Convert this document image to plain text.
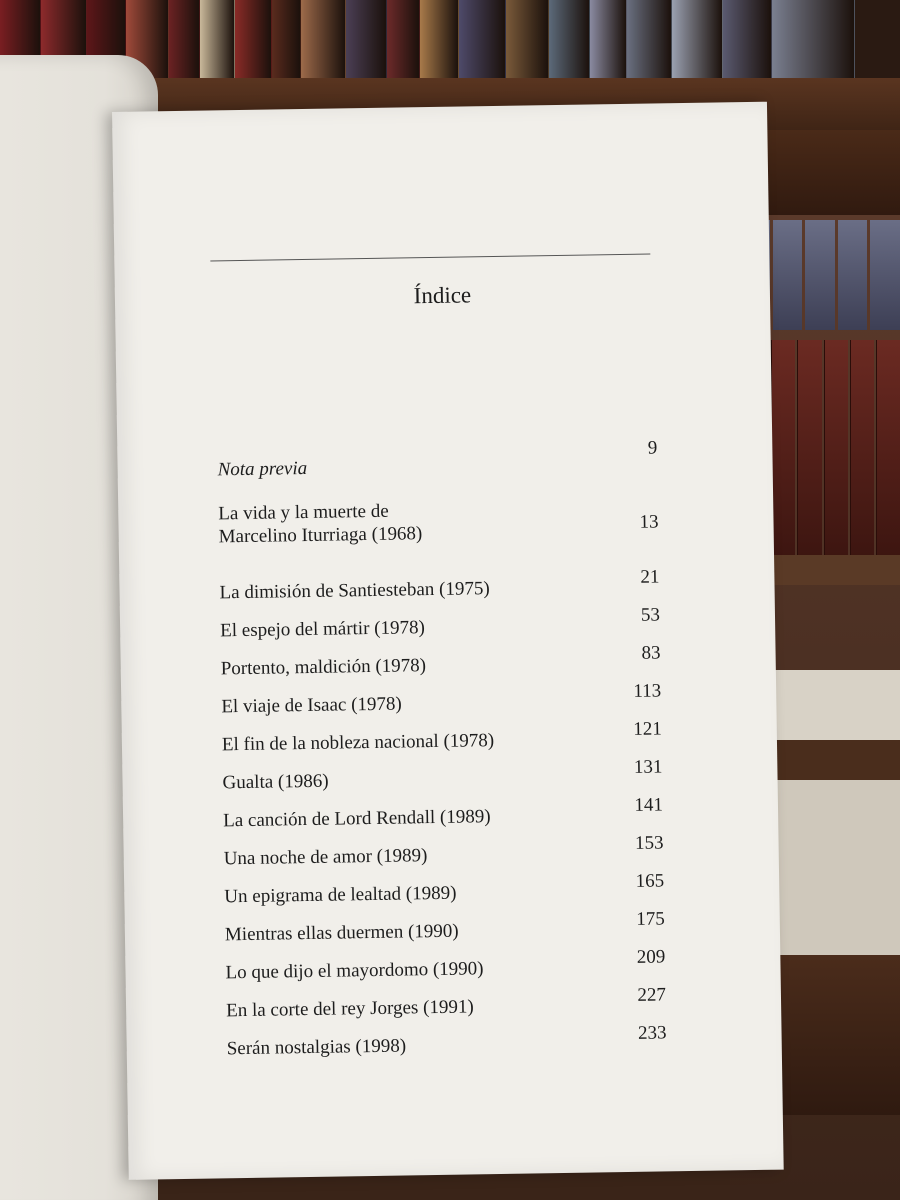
Índice
Nota previa
9
La vida y la muerte de
Marcelino Iturriaga (1968)
13
La dimisión de Santiesteban (1975)
21
El espejo del mártir (1978)
53
Portento, maldición (1978)
83
El viaje de Isaac (1978)
113
El fin de la nobleza nacional (1978)
121
Gualta (1986)
131
La canción de Lord Rendall (1989)
141
Una noche de amor (1989)
153
Un epigrama de lealtad (1989)
165
Mientras ellas duermen (1990)
175
Lo que dijo el mayordomo (1990)
209
En la corte del rey Jorges (1991)
227
Serán nostalgias (1998)
233
